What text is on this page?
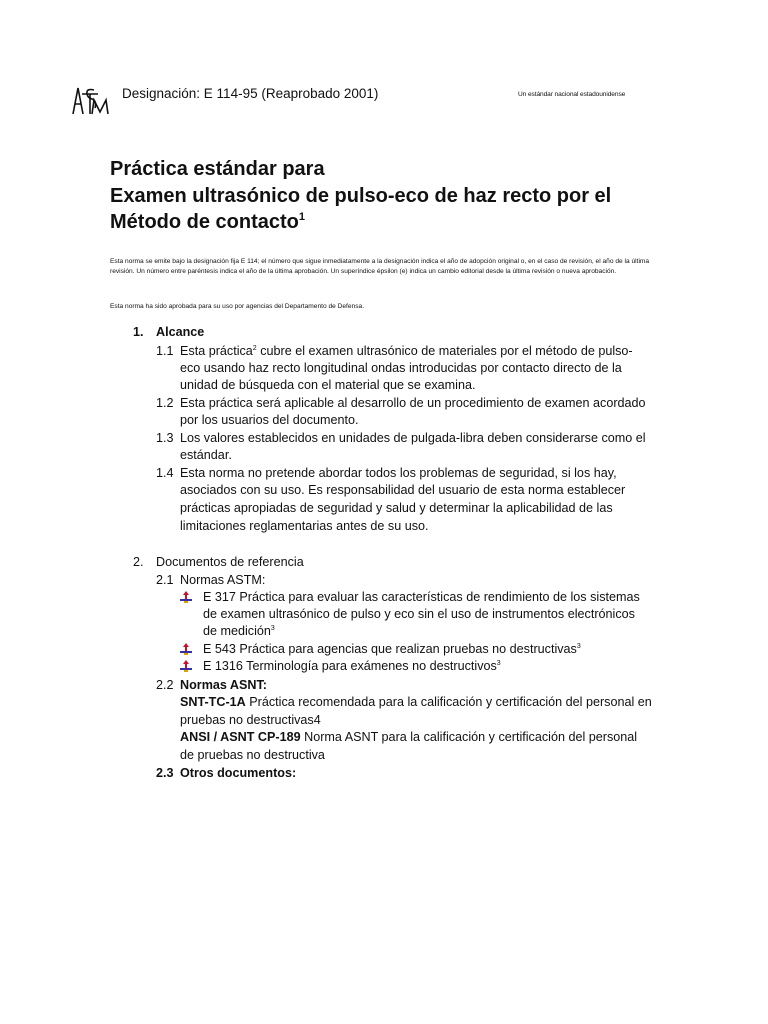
Designación: E 114-95 (Reaprobado 2001)	Un estándar nacional estadounidense
Práctica estándar para
Examen ultrasónico de pulso-eco de haz recto por el
Método de contacto$^1$
Esta norma se emite bajo la designación fija E 114; el número que sigue inmediatamente a la designación indica el año de adopción original o, en el caso de revisión, el año de la última revisión. Un número entre paréntesis indica el año de la última aprobación. Un superíndice épsilon (e) indica un cambio editorial desde la última revisión o nueva aprobación.
Esta norma ha sido aprobada para su uso por agencias del Departamento de Defensa.
1. Alcance
1.1 Esta práctica$^2$ cubre el examen ultrasónico de materiales por el método de pulso-
eco usando haz recto longitudinal ondas introducidas por contacto directo de la
unidad de búsqueda con el material que se examina.
1.2 Esta práctica será aplicable al desarrollo de un procedimiento de examen acordado
por los usuarios del documento.
1.3 Los valores establecidos en unidades de pulgada-libra deben considerarse como el
estándar.
1.4 Esta norma no pretende abordar todos los problemas de seguridad, si los hay,
asociados con su uso. Es responsabilidad del usuario de esta norma establecer
prácticas apropiadas de seguridad y salud y determinar la aplicabilidad de las
limitaciones reglamentarias antes de su uso.
2. Documentos de referencia
2.1 Normas ASTM:
E 317 Práctica para evaluar las características de rendimiento de los sistemas
de examen ultrasónico de pulso y eco sin el uso de instrumentos electrónicos
de medición$^3$
E 543 Práctica para agencias que realizan pruebas no destructivas$^3$
E 1316 Terminología para exámenes no destructivos$^3$
2.2 Normas ASNT:
SNT-TC-1A Práctica recomendada para la calificación y certificación del personal en
pruebas no destructivas4
ANSI / ASNT CP-189 Norma ASNT para la calificación y certificación del personal
de pruebas no destructiva
2.3 Otros documentos:
